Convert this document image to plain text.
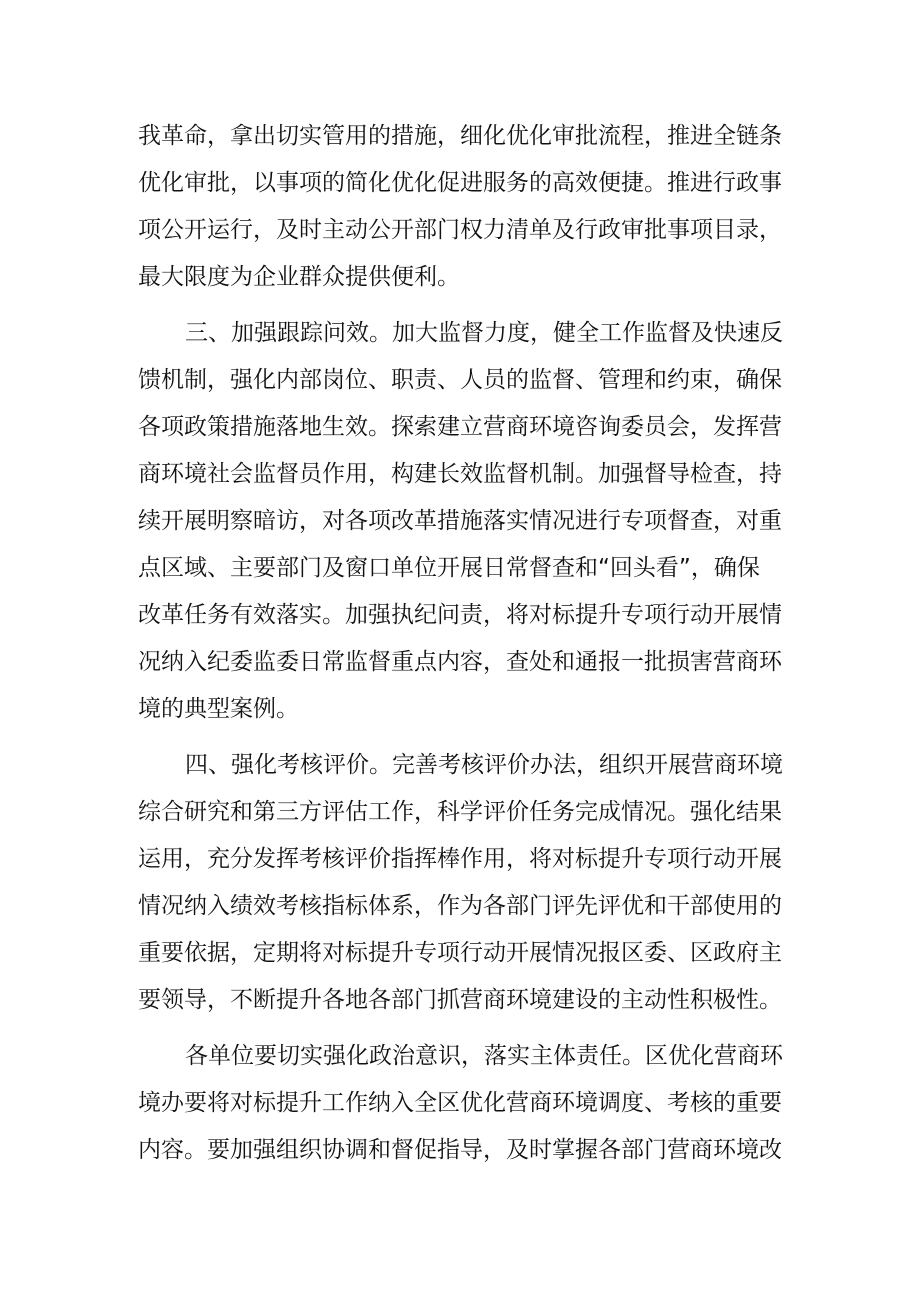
我革命，拿出切实管用的措施，细化优化审批流程，推进全链条
优化审批，以事项的简化优化促进服务的高效便捷。推进行政事
项公开运行，及时主动公开部门权力清单及行政审批事项目录，
最大限度为企业群众提供便利。
三、加强跟踪问效。加大监督力度，健全工作监督及快速反
馈机制，强化内部岗位、职责、人员的监督、管理和约束，确保
各项政策措施落地生效。探索建立营商环境咨询委员会，发挥营
商环境社会监督员作用，构建长效监督机制。加强督导检查，持
续开展明察暗访，对各项改革措施落实情况进行专项督查，对重
点区域、主要部门及窗口单位开展日常督查和“回头看”，确保
改革任务有效落实。加强执纪问责，将对标提升专项行动开展情
况纳入纪委监委日常监督重点内容，查处和通报一批损害营商环
境的典型案例。
四、强化考核评价。完善考核评价办法，组织开展营商环境
综合研究和第三方评估工作，科学评价任务完成情况。强化结果
运用，充分发挥考核评价指挥棒作用，将对标提升专项行动开展
情况纳入绩效考核指标体系，作为各部门评先评优和干部使用的
重要依据，定期将对标提升专项行动开展情况报区委、区政府主
要领导，不断提升各地各部门抓营商环境建设的主动性积极性。
各单位要切实强化政治意识，落实主体责任。区优化营商环
境办要将对标提升工作纳入全区优化营商环境调度、考核的重要
内容。要加强组织协调和督促指导，及时掌握各部门营商环境改
